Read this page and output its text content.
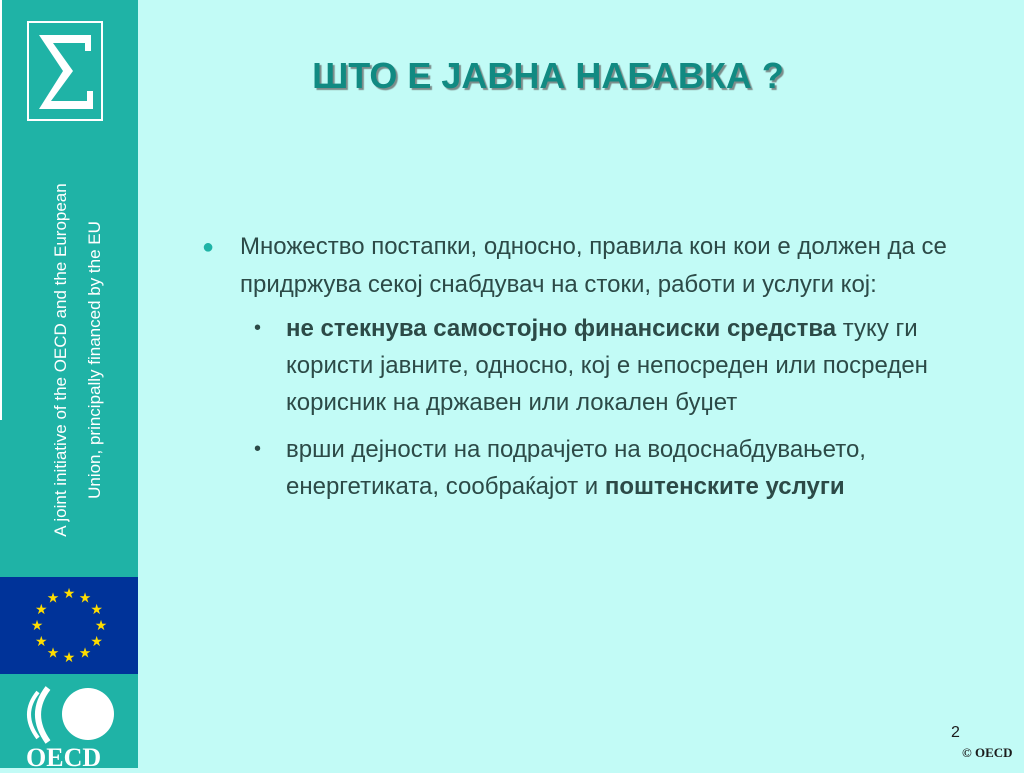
A joint initiative of the OECD and the European Union, principally financed by the EU
★ ★
★
★
★
★
★
★
★
★
★
★
OECD
ШТО Е ЈАВНА НАБАВКА ?
● Множество постапки, односно, правила кон кои е должен да се придржува секој снабдувач на стоки, работи и услуги кој:
• не стекнува самостојно финансиски средства туку ги користи јавните, односно, кој е непосреден или посреден корисник на државен или локален буџет
• врши дејности на подрачјето на водоснабдувањето, енергетиката, сообраќајот и поштенските услуги
2
© OECD
